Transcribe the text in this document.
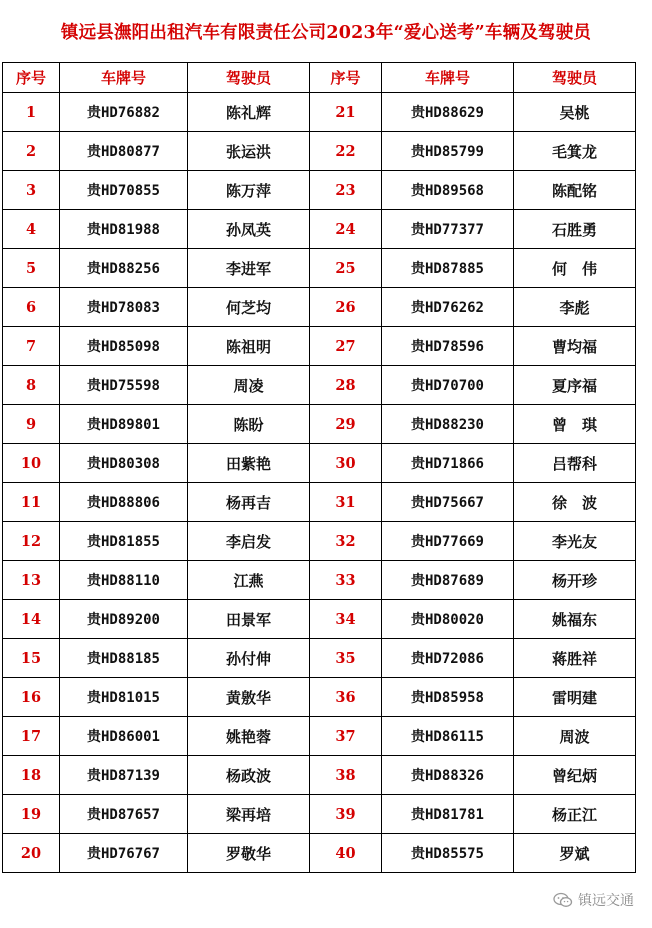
镇远县潕阳出租汽车有限责任公司2023年“爱心送考”车辆及驾驶员
序号	车牌号	驾驶员	序号	车牌号	驾驶员
1	贵HD76882	陈礼辉	21	贵HD88629	吴桃
2	贵HD80877	张运洪	22	贵HD85799	毛箕龙
3	贵HD70855	陈万萍	23	贵HD89568	陈配铭
4	贵HD81988	孙凤英	24	贵HD77377	石胜勇
5	贵HD88256	李进军	25	贵HD87885	何　伟
6	贵HD78083	何芝均	26	贵HD76262	李彪
7	贵HD85098	陈祖明	27	贵HD78596	曹均福
8	贵HD75598	周凌	28	贵HD70700	夏序福
9	贵HD89801	陈盼	29	贵HD88230	曾　琪
10	贵HD80308	田紫艳	30	贵HD71866	吕帮科
11	贵HD88806	杨再吉	31	贵HD75667	徐　波
12	贵HD81855	李启发	32	贵HD77669	李光友
13	贵HD88110	江燕	33	贵HD87689	杨开珍
14	贵HD89200	田景军	34	贵HD80020	姚福东
15	贵HD88185	孙付伸	35	贵HD72086	蒋胜祥
16	贵HD81015	黄敫华	36	贵HD85958	雷明建
17	贵HD86001	姚艳蓉	37	贵HD86115	周波
18	贵HD87139	杨政波	38	贵HD88326	曾纪炳
19	贵HD87657	梁再培	39	贵HD81781	杨正江
20	贵HD76767	罗敬华	40	贵HD85575	罗斌
镇远交通
